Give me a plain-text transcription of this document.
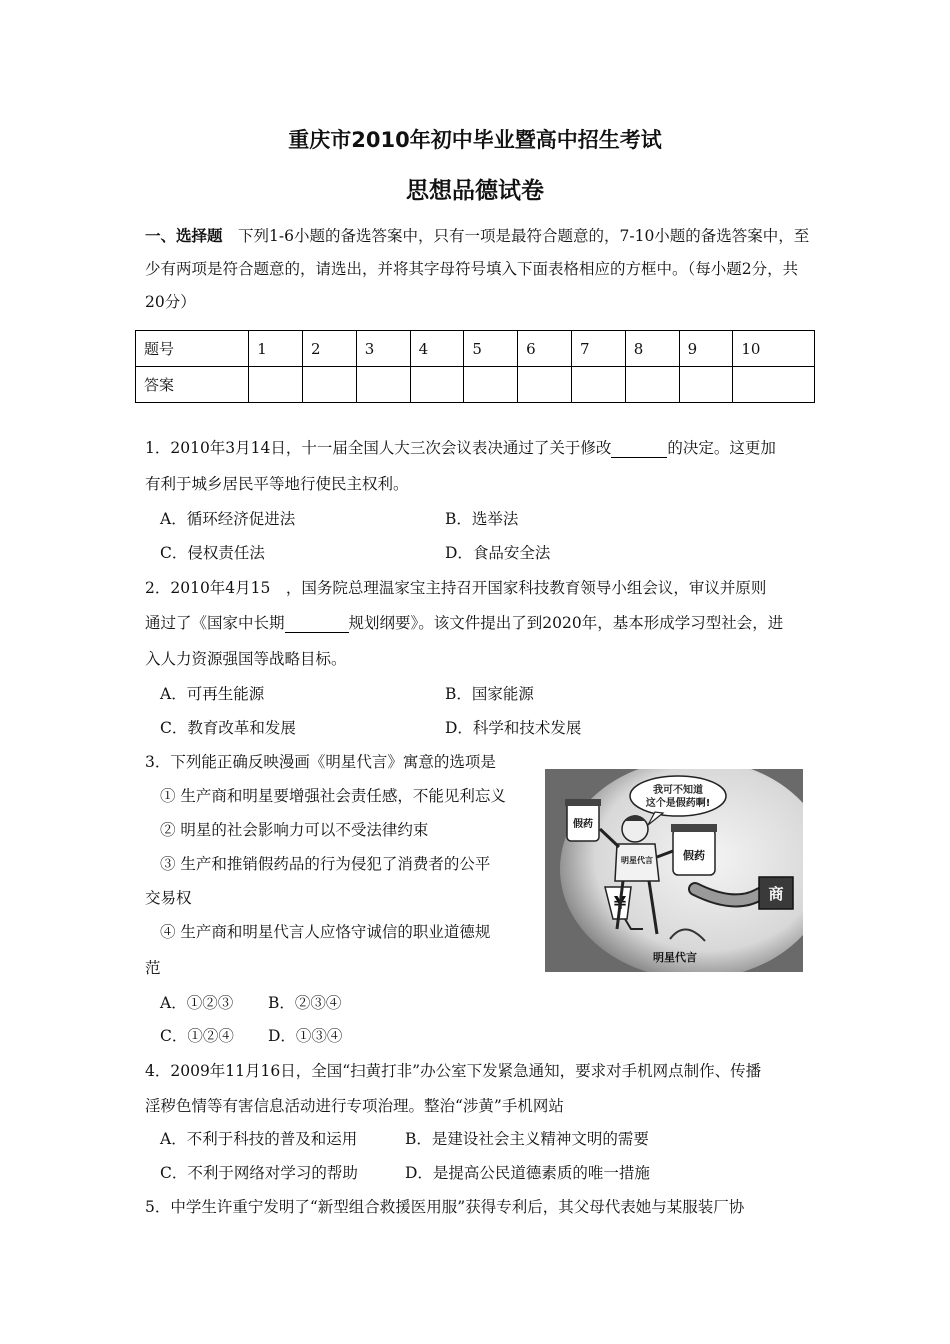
重庆市2010年初中毕业暨高中招生考试
思想品德试卷
一、选择题  下列1-6小题的备选答案中，只有一项是最符合题意的，7-10小题的备选答案中，至少有两项是符合题意的，请选出，并将其字母符号填入下面表格相应的方框中。（每小题2分，共20分）
题号	1	2	3	4	5	6	7	8	9	10
答案										
1．2010年3月14日，十一届全国人大三次会议表决通过了关于修改	的决定。这更加
有利于城乡居民平等地行使民主权利。
A．循环经济促进法	B．选举法
C．侵权责任法	D．食品安全法
2．2010年4月15　，国务院总理温家宝主持召开国家科技教育领导小组会议，审议并原则
通过了《国家中长期	规划纲要》。该文件提出了到2020年，基本形成学习型社会，进
入人力资源强国等战略目标。
A．可再生能源	B．国家能源
C．教育改革和发展	D．科学和技术发展
3．下列能正确反映漫画《明星代言》寓意的选项是
① 生产商和明星要增强社会责任感，不能见利忘义
② 明星的社会影响力可以不受法律约束
③ 生产和推销假药品的行为侵犯了消费者的公平
交易权
④ 生产商和明星代言人应恪守诚信的职业道德规
范
A．①②③ B．②③④
C．①②④ D．①③④
我可不知道
这个是假药啊!
明星代言
假药
假药
¥	商
明星代言
4．2009年11月16日，全国“扫黄打非”办公室下发紧急通知，要求对手机网点制作、传播
淫秽色情等有害信息活动进行专项治理。整治“涉黄”手机网站
A．不利于科技的普及和运用	B．是建设社会主义精神文明的需要
C．不利于网络对学习的帮助	D．是提高公民道德素质的唯一措施
5．中学生许重宁发明了“新型组合救援医用服”获得专利后，其父母代表她与某服装厂协
